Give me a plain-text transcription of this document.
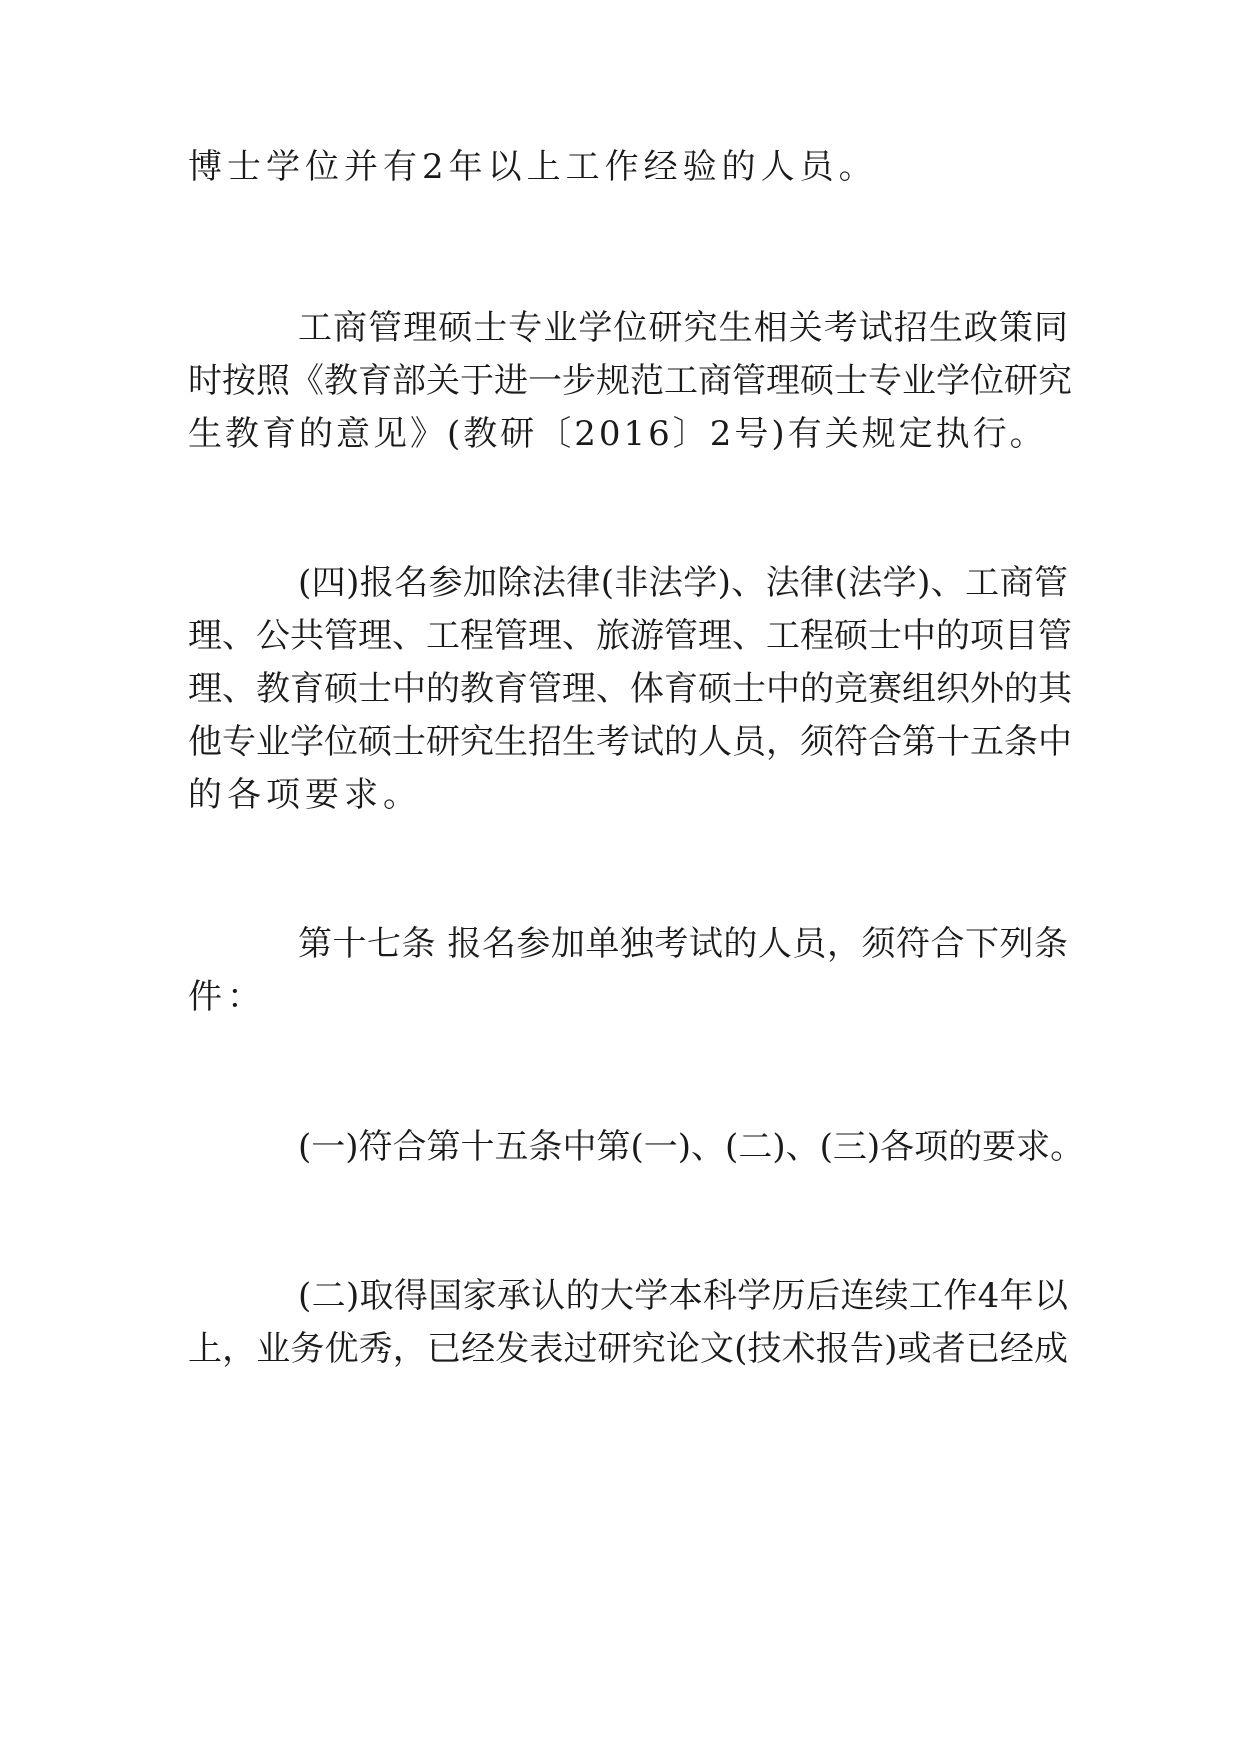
博士学位并有2年以上工作经验的人员。
工商管理硕士专业学位研究生相关考试招生政策同
时按照《教育部关于进一步规范工商管理硕士专业学位研究
生教育的意见》(教研〔2016〕2号)有关规定执行。
(四)报名参加除法律(非法学)、法律(法学)、工商管
理、公共管理、工程管理、旅游管理、工程硕士中的项目管
理、教育硕士中的教育管理、体育硕士中的竞赛组织外的其
他专业学位硕士研究生招生考试的人员，须符合第十五条中
的各项要求。
第十七条 报名参加单独考试的人员，须符合下列条
件：
(一)符合第十五条中第(一)、(二)、(三)各项的要求。
(二)取得国家承认的大学本科学历后连续工作4年以
上，业务优秀，已经发表过研究论文(技术报告)或者已经成
